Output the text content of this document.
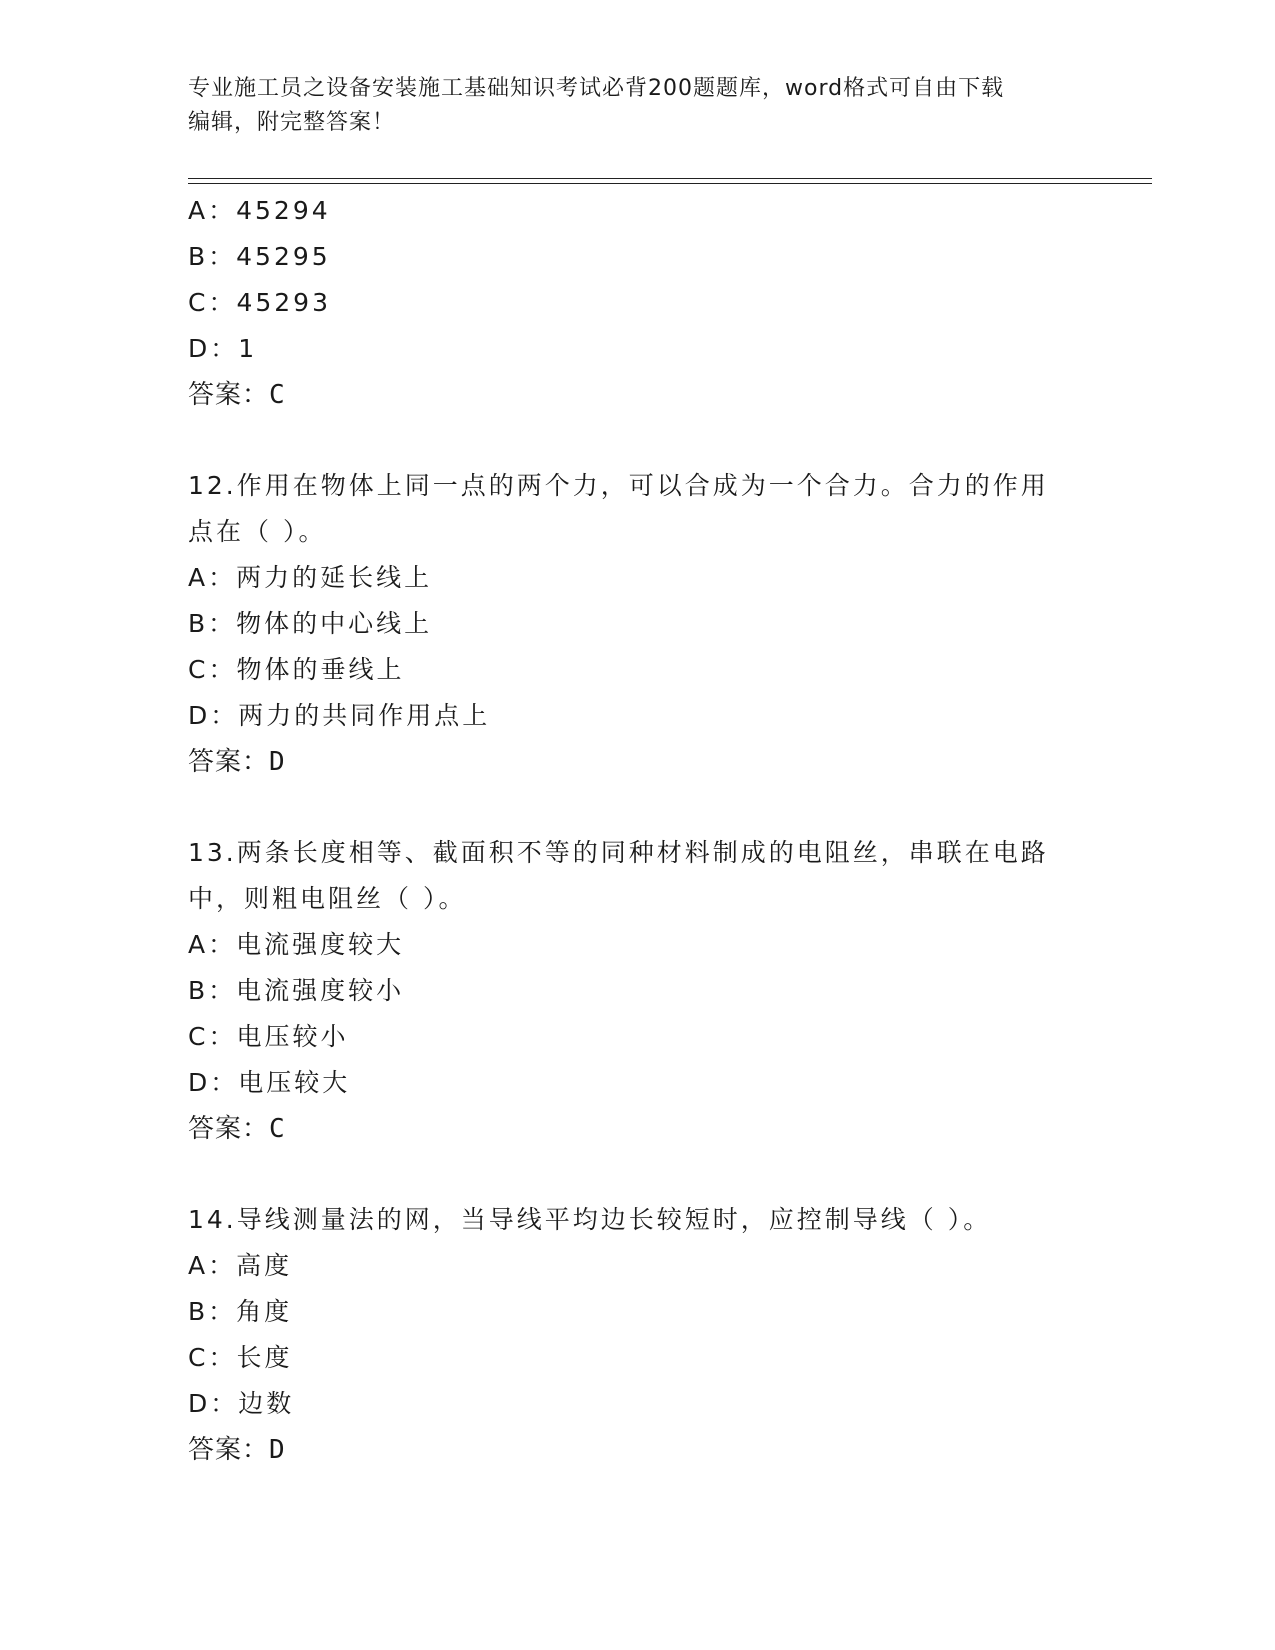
专业施工员之设备安装施工基础知识考试必背200题题库，word格式可自由下载
编辑，附完整答案！
A：45294
B：45295
C：45293
D：1
答案：C
12.作用在物体上同一点的两个力，可以合成为一个合力。合力的作用
点在（ ）。
A：两力的延长线上
B：物体的中心线上
C：物体的垂线上
D：两力的共同作用点上
答案：D
13.两条长度相等、截面积不等的同种材料制成的电阻丝，串联在电路
中，则粗电阻丝（ ）。
A：电流强度较大
B：电流强度较小
C：电压较小
D：电压较大
答案：C
14.导线测量法的网，当导线平均边长较短时，应控制导线（ ）。
A：高度
B：角度
C：长度
D：边数
答案：D
